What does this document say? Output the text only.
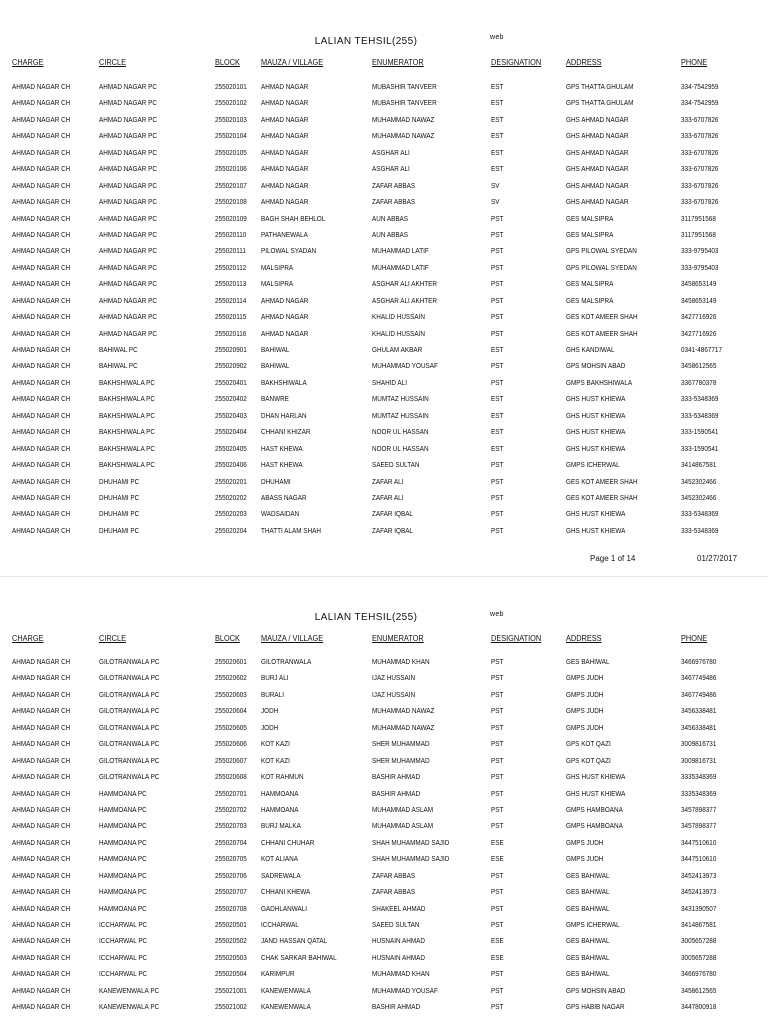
LALIAN TEHSIL(255)	web
CHARGE	CIRCLE	BLOCK	MAUZA / VILLAGE	ENUMERATOR	DESIGNATION	ADDRESS	PHONE
AHMAD NAGAR CH	AHMAD NAGAR PC	255020101 AHMAD NAGAR	MUBASHIR TANVEER	EST	GPS THATTA GHULAM	334-7542959
AHMAD NAGAR CH	AHMAD NAGAR PC	255020102 AHMAD NAGAR	MUBASHIR TANVEER	EST	GPS THATTA GHULAM	334-7542959
AHMAD NAGAR CH	AHMAD NAGAR PC	255020103 AHMAD NAGAR	MUHAMMAD NAWAZ	EST	GHS AHMAD NAGAR	333-6707826
AHMAD NAGAR CH	AHMAD NAGAR PC	255020104 AHMAD NAGAR	MUHAMMAD NAWAZ	EST	GHS AHMAD NAGAR	333-6707826
AHMAD NAGAR CH	AHMAD NAGAR PC	255020105 AHMAD NAGAR	ASGHAR ALI	EST	GHS AHMAD NAGAR	333-6707826
AHMAD NAGAR CH	AHMAD NAGAR PC	255020106 AHMAD NAGAR	ASGHAR ALI	EST	GHS AHMAD NAGAR	333-6707826
AHMAD NAGAR CH	AHMAD NAGAR PC	255020107 AHMAD NAGAR	ZAFAR ABBAS	SV	GHS AHMAD NAGAR	333-6707826
AHMAD NAGAR CH	AHMAD NAGAR PC	255020108 AHMAD NAGAR	ZAFAR ABBAS	SV	GHS AHMAD NAGAR	333-6707826
AHMAD NAGAR CH	AHMAD NAGAR PC	255020109 BAGH SHAH BEHLOL	AUN ABBAS	PST	GES MALSIPRA	3117951568
AHMAD NAGAR CH	AHMAD NAGAR PC	255020110 PATHANEWALA	AUN ABBAS	PST	GES MALSIPRA	3117951568
AHMAD NAGAR CH	AHMAD NAGAR PC	255020111 PILOWAL SYADAN	MUHAMMAD LATIF	PST	GPS PILOWAL SYEDAN	333-9795403
AHMAD NAGAR CH	AHMAD NAGAR PC	255020112 MALSIPRA	MUHAMMAD LATIF	PST	GPS PILOWAL SYEDAN	333-9795403
AHMAD NAGAR CH	AHMAD NAGAR PC	255020113 MALSIPRA	ASGHAR ALI AKHTER	PST	GES MALSIPRA	3458653149
AHMAD NAGAR CH	AHMAD NAGAR PC	255020114 AHMAD NAGAR	ASGHAR ALI AKHTER	PST	GES MALSIPRA	3458653149
AHMAD NAGAR CH	AHMAD NAGAR PC	255020115 AHMAD NAGAR	KHALID HUSSAIN	PST	GES KOT AMEER SHAH	3427716926
AHMAD NAGAR CH	AHMAD NAGAR PC	255020116 AHMAD NAGAR	KHALID HUSSAIN	PST	GES KOT AMEER SHAH	3427716926
AHMAD NAGAR CH	BAHIWAL PC	255020901 BAHIWAL	GHULAM AKBAR	EST	GHS KANDIWAL	0341-4867717
AHMAD NAGAR CH	BAHIWAL PC	255020902 BAHIWAL	MUHAMMAD YOUSAF	PST	GPS MOHSIN ABAD	3458612565
AHMAD NAGAR CH	BAKHSHIWALA PC	255020401 BAKHSHIWALA	SHAHID ALI	PST	GMPS BAKHSHIWALA	3367780378
AHMAD NAGAR CH	BAKHSHIWALA PC	255020402 BANWRE	MUMTAZ HUSSAIN	EST	GHS HUST KHIEWA	333-5348369
AHMAD NAGAR CH	BAKHSHIWALA PC	255020403 DHAN HARLAN	MUMTAZ HUSSAIN	EST	GHS HUST KHIEWA	333-5348369
AHMAD NAGAR CH	BAKHSHIWALA PC	255020404 CHHANI KHIZAR	NOOR UL HASSAN	EST	GHS HUST KHIEWA	333-1590541
AHMAD NAGAR CH	BAKHSHIWALA PC	255020405 HAST KHEWA	NOOR UL HASSAN	EST	GHS HUST KHIEWA	333-1590541
AHMAD NAGAR CH	BAKHSHIWALA PC	255020406 HAST KHEWA	SAEED SULTAN	PST	GMPS ICHERWAL	3414867581
AHMAD NAGAR CH	DHUHAMI PC	255020201 DHUHAMI	ZAFAR ALI	PST	GES KOT AMEER SHAH	3452302466
AHMAD NAGAR CH	DHUHAMI PC	255020202 ABASS NAGAR	ZAFAR ALI	PST	GES KOT AMEER SHAH	3452302466
AHMAD NAGAR CH	DHUHAMI PC	255020203 WADSAIDAN	ZAFAR IQBAL	PST	GHS HUST KHIEWA	333-5348369
AHMAD NAGAR CH	DHUHAMI PC	255020204 THATTI ALAM SHAH	ZAFAR IQBAL	PST	GHS HUST KHIEWA	333-5348369
Page 1 of 14	01/27/2017
LALIAN TEHSIL(255)	web
CHARGE	CIRCLE	BLOCK	MAUZA / VILLAGE	ENUMERATOR	DESIGNATION	ADDRESS	PHONE
AHMAD NAGAR CH	GILOTRANWALA PC	255020601 GILOTRANWALA	MUHAMMAD KHAN	PST	GES BAHIWAL	3466976780
AHMAD NAGAR CH	GILOTRANWALA PC	255020602 BURJ ALI	IJAZ HUSSAIN	PST	GMPS JUDH	3467749486
AHMAD NAGAR CH	GILOTRANWALA PC	255020603 BURALI	IJAZ HUSSAIN	PST	GMPS JUDH	3467749486
AHMAD NAGAR CH	GILOTRANWALA PC	255020604 JODH	MUHAMMAD NAWAZ	PST	GMPS JUDH	3456338481
AHMAD NAGAR CH	GILOTRANWALA PC	255020605 JODH	MUHAMMAD NAWAZ	PST	GMPS JUDH	3456338481
AHMAD NAGAR CH	GILOTRANWALA PC	255020606 KOT KAZI	SHER MUHAMMAD	PST	GPS KOT QAZI	3009816731
AHMAD NAGAR CH	GILOTRANWALA PC	255020607 KOT KAZI	SHER MUHAMMAD	PST	GPS KOT QAZI	3009816731
AHMAD NAGAR CH	GILOTRANWALA PC	255020608 KOT RAHMUN	BASHIR AHMAD	PST	GHS HUST KHIEWA	3335348369
AHMAD NAGAR CH	HAMMOANA PC	255020701 HAMMOANA	BASHIR AHMAD	PST	GHS HUST KHIEWA	3335348369
AHMAD NAGAR CH	HAMMOANA PC	255020702 HAMMOANA	MUHAMMAD ASLAM	PST	GMPS HAMBOANA	3457898377
AHMAD NAGAR CH	HAMMOANA PC	255020703 BURJ MALKA	MUHAMMAD ASLAM	PST	GMPS HAMBOANA	3457898377
AHMAD NAGAR CH	HAMMOANA PC	255020704 CHHANI CHUHAR	SHAH MUHAMMAD SAJID	ESE	GMPS JUDH	3447510610
AHMAD NAGAR CH	HAMMOANA PC	255020705 KOT ALIANA	SHAH MUHAMMAD SAJID	ESE	GMPS JUDH	3447510610
AHMAD NAGAR CH	HAMMOANA PC	255020706 SADREWALA	ZAFAR ABBAS	PST	GES BAHIWAL	3452413973
AHMAD NAGAR CH	HAMMOANA PC	255020707 CHHANI KHEWA	ZAFAR ABBAS	PST	GES BAHIWAL	3452413973
AHMAD NAGAR CH	HAMMOANA PC	255020708 GADHLANWALI	SHAKEEL AHMAD	PST	GES BAHIWAL	3431390507
AHMAD NAGAR CH	ICCHARWAL PC	255020501 ICCHARWAL	SAEED SULTAN	PST	GMPS ICHERWAL	3414867581
AHMAD NAGAR CH	ICCHARWAL PC	255020502 JAND HASSAN QATAL	HUSNAIN AHMAD	ESE	GES BAHIWAL	3005657288
AHMAD NAGAR CH	ICCHARWAL PC	255020503 CHAK SARKAR BAHIWAL	HUSNAIN AHMAD	ESE	GES BAHIWAL	3005657288
AHMAD NAGAR CH	ICCHARWAL PC	255020504 KARIMPUR	MUHAMMAD KHAN	PST	GES BAHIWAL	3466976780
AHMAD NAGAR CH	KANEWENWALA PC	255021001 KANEWENWALA	MUHAMMAD YOUSAF	PST	GPS MOHSIN ABAD	3458612565
AHMAD NAGAR CH	KANEWENWALA PC	255021002 KANEWENWALA	BASHIR AHMAD	PST	GPS HABIB NAGAR	3447800918
